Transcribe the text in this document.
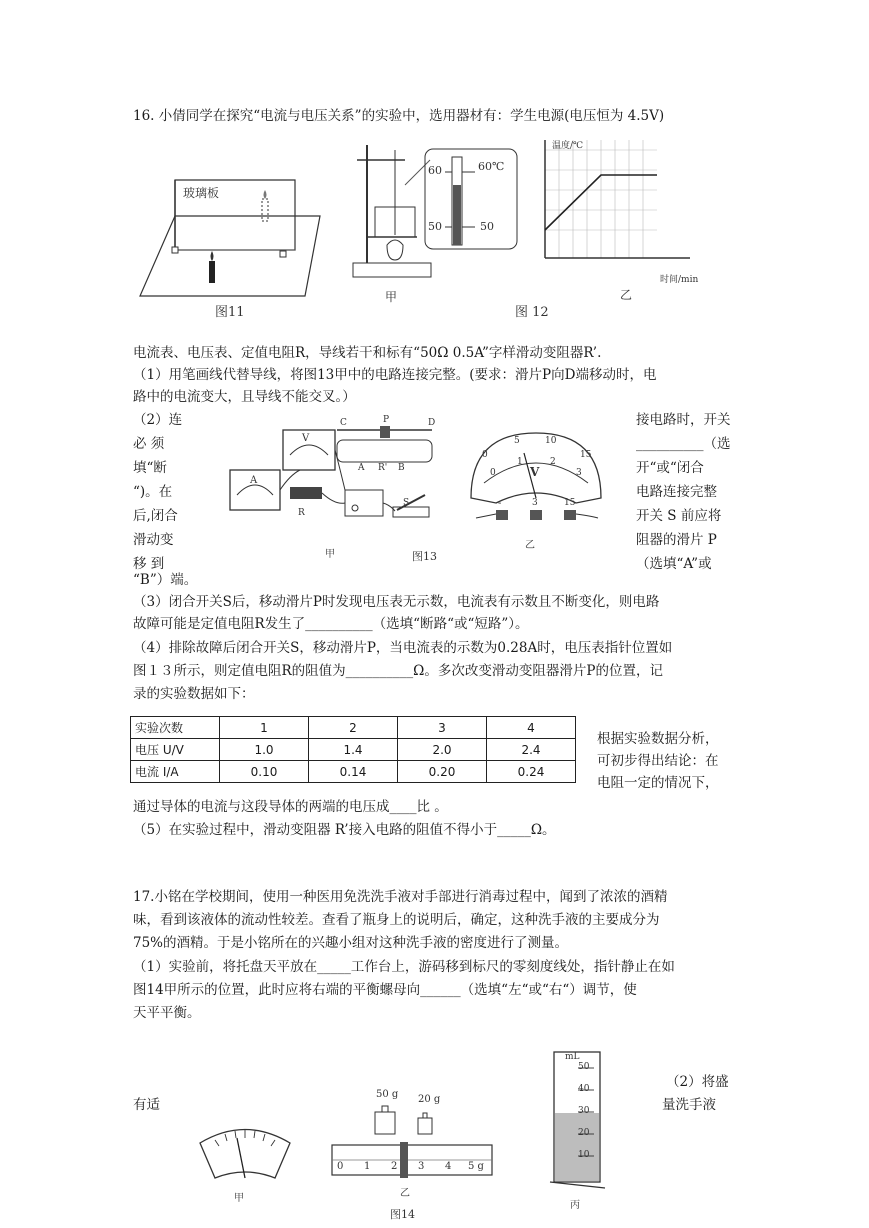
16. 小倩同学在探究“电流与电压关系”的实验中，选用器材有：学生电源(电压恒为 4.5V)
玻璃板
图11
60	60℃
50	50
甲
温度/℃
时间/min
乙
图 12
电流表、电压表、定值电阻R，导线若干和标有“50Ω 0.5A”字样滑动变阻器R’.
（1）用笔画线代替导线，将图13甲中的电路连接完整。(要求：滑片P向D端移动时，电
路中的电流变大，且导线不能交叉。）
（2）连
必 须
填“断
“)。在
后,闭合
滑动变
移 到
接电路时，开关
__________（选
开“或“闭合
电路连接完整
开关 S 前应将
阻器的滑片 P
（选填“A”或
A
V
C	P	D
A R' B
R
S
甲	图13
0
5	10
15
0
1	2
3
V
-	3	15
乙
“B”）端。
（3）闭合开关S后，移动滑片P时发现电压表无示数，电流表有示数且不断变化，则电路
故障可能是定值电阻R发生了__________（选填“断路“或“短路”）。
（4）排除故障后闭合开关S，移动滑片P，当电流表的示数为0.28A时，电压表指针位置如
图１３所示，则定值电阻R的阻值为__________Ω。多次改变滑动变阻器滑片P的位置，记
录的实验数据如下：
实验次数	1	2	3	4
电压 U/V	1.0	1.4	2.0	2.4
电流 I/A	0.10	0.14	0.20	0.24
根据实验数据分析，
可初步得出结论：在
电阻一定的情况下，
通过导体的电流与这段导体的两端的电压成____比 。
（5）在实验过程中，滑动变阻器 R’接入电路的阻值不得小于_____Ω。
17.小铭在学校期间，使用一种医用免洗洗手液对手部进行消毒过程中，闻到了浓浓的酒精
味，看到该液体的流动性较差。查看了瓶身上的说明后，确定，这种洗手液的主要成分为
75%的酒精。于是小铭所在的兴趣小组对这种洗手液的密度进行了测量。
（1）实验前，将托盘天平放在_____工作台上，游码移到标尺的零刻度线处，指针静止在如
图14甲所示的位置，此时应将右端的平衡螺母向______（选填“左“或“右“）调节，使
天平平衡。
（2）将盛
有适	量洗手液
甲
50 g 20 g
0 1 2 3 4 5 g
乙
图14
mL
50
40
30
20
10
丙
